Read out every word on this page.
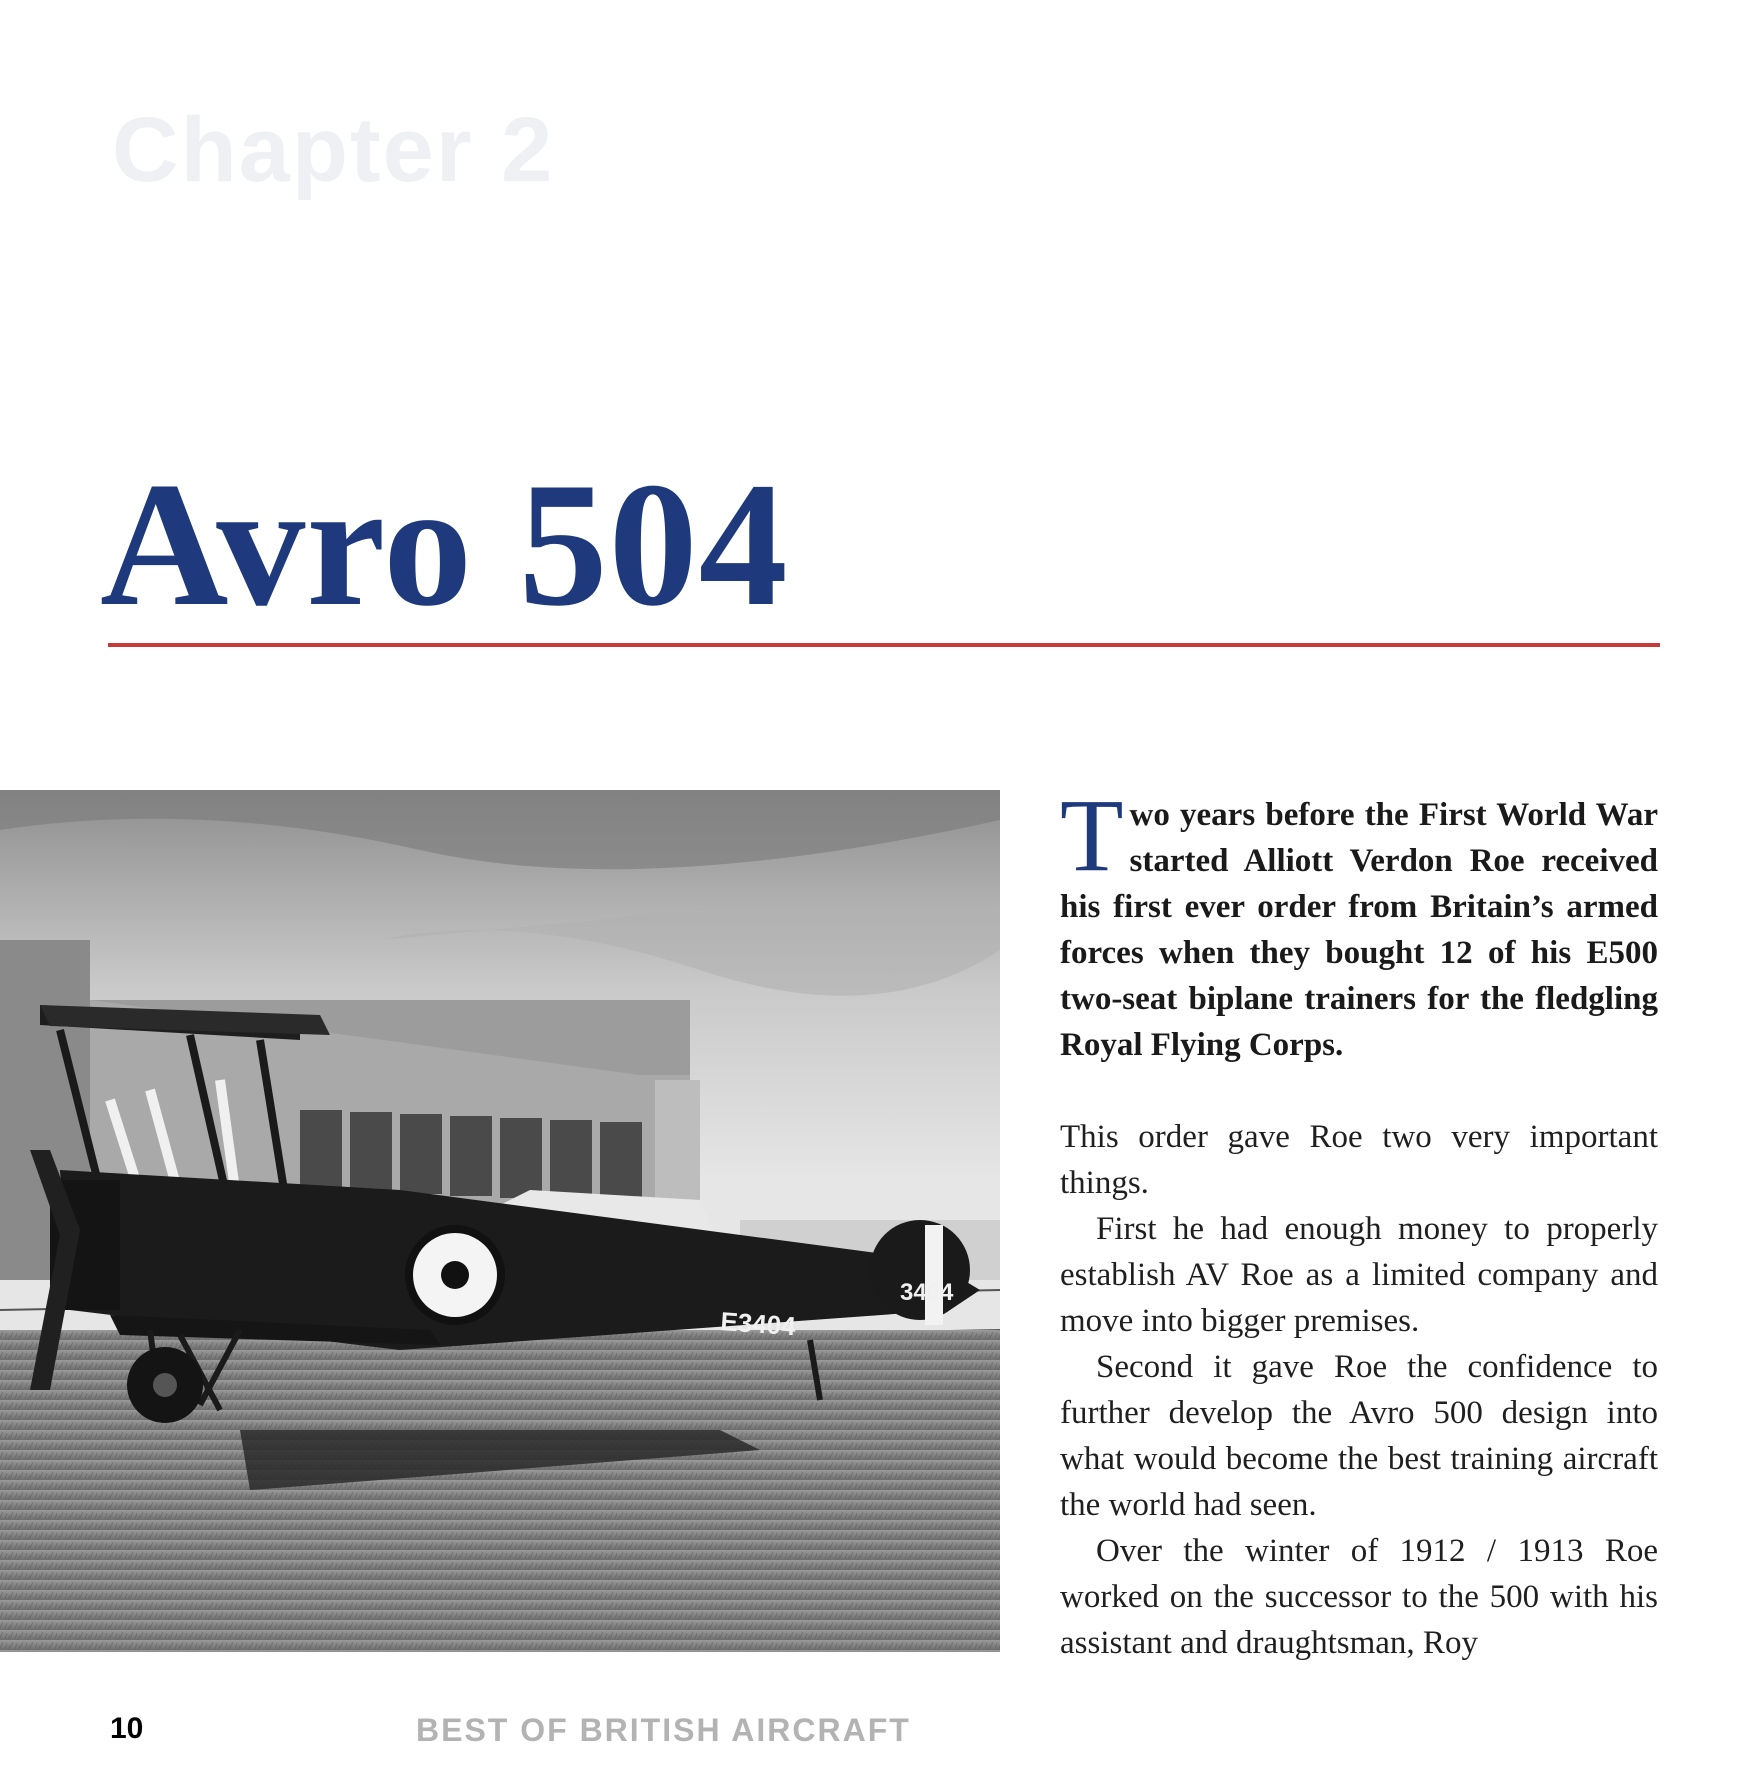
Chapter 2
Avro 504
E3404
3404

Two years before the First World War started Alliott Verdon Roe received his first ever order from Britain’s armed forces when they bought 12 of his E500 two-seat biplane trainers for the fledgling Royal Flying Corps.

This order gave Roe two very important things.

First he had enough money to properly establish AV Roe as a limited company and move into bigger premises.

Second it gave Roe the confidence to further develop the Avro 500 design into what would become the best training aircraft the world had seen.

Over the winter of 1912 / 1913 Roe worked on the successor to the 500 with his assistant and draughtsman, Roy

10	BEST OF BRITISH AIRCRAFT
